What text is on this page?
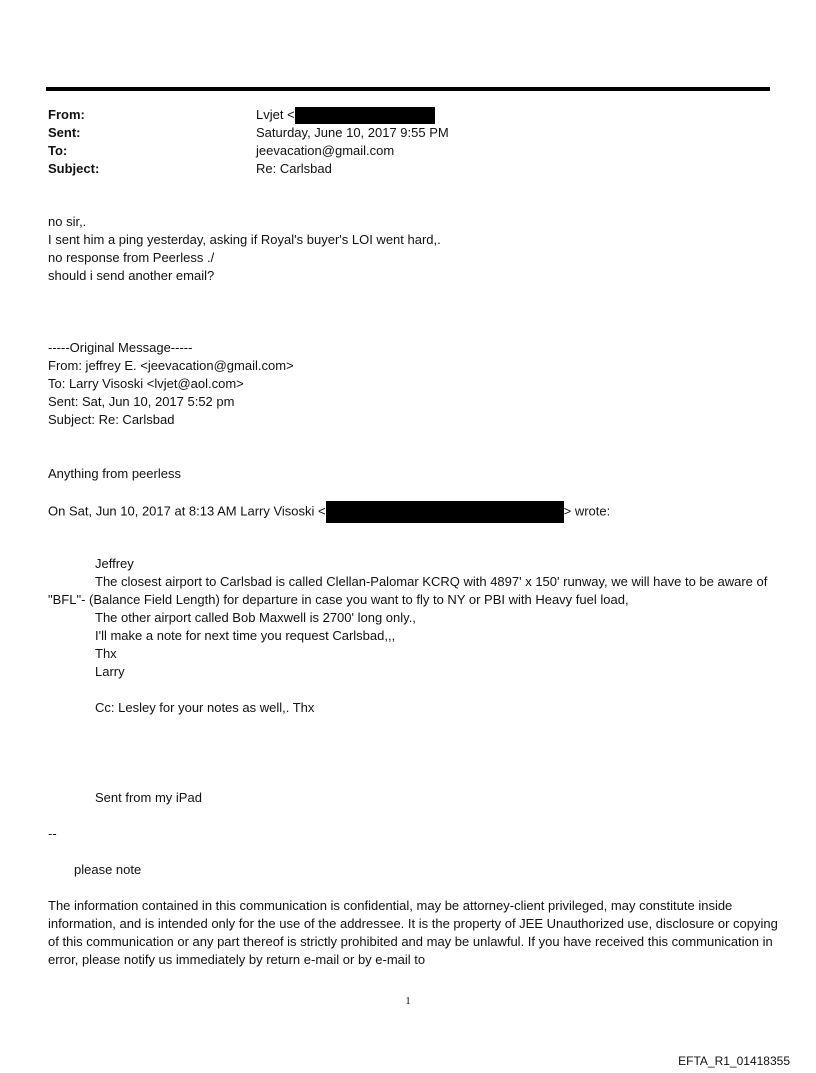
From:	Lvjet <
Sent:	Saturday, June 10, 2017 9:55 PM
To:	jeevacation@gmail.com
Subject:	Re: Carlsbad
no sir,.
I sent him a ping yesterday, asking if Royal's buyer's LOI went hard,.
no response from Peerless ./
should i send another email?
-----Original Message-----
From: jeffrey E. <jeevacation@gmail.com>
To: Larry Visoski <lvjet@aol.com>
Sent: Sat, Jun 10, 2017 5:52 pm
Subject: Re: Carlsbad
Anything from peerless
On Sat, Jun 10, 2017 at 8:13 AM Larry Visoski <	> wrote:
Jeffrey
The closest airport to Carlsbad is called Clellan-Palomar KCRQ with 4897' x 150' runway, we will have to be aware of "BFL"- (Balance Field Length) for departure in case you want to fly to NY or PBI with Heavy fuel load,
The other airport called Bob Maxwell is 2700' long only.,
I'll make a note for next time you request Carlsbad,,,
Thx
Larry
Cc: Lesley for your notes as well,. Thx
Sent from my iPad
--
please note
The information contained in this communication is confidential, may be attorney-client privileged, may constitute inside information, and is intended only for the use of the addressee. It is the property of JEE Unauthorized use, disclosure or copying of this communication or any part thereof is strictly prohibited and may be unlawful. If you have received this communication in error, please notify us immediately by return e-mail or by e-mail to
1
EFTA_R1_01418355
